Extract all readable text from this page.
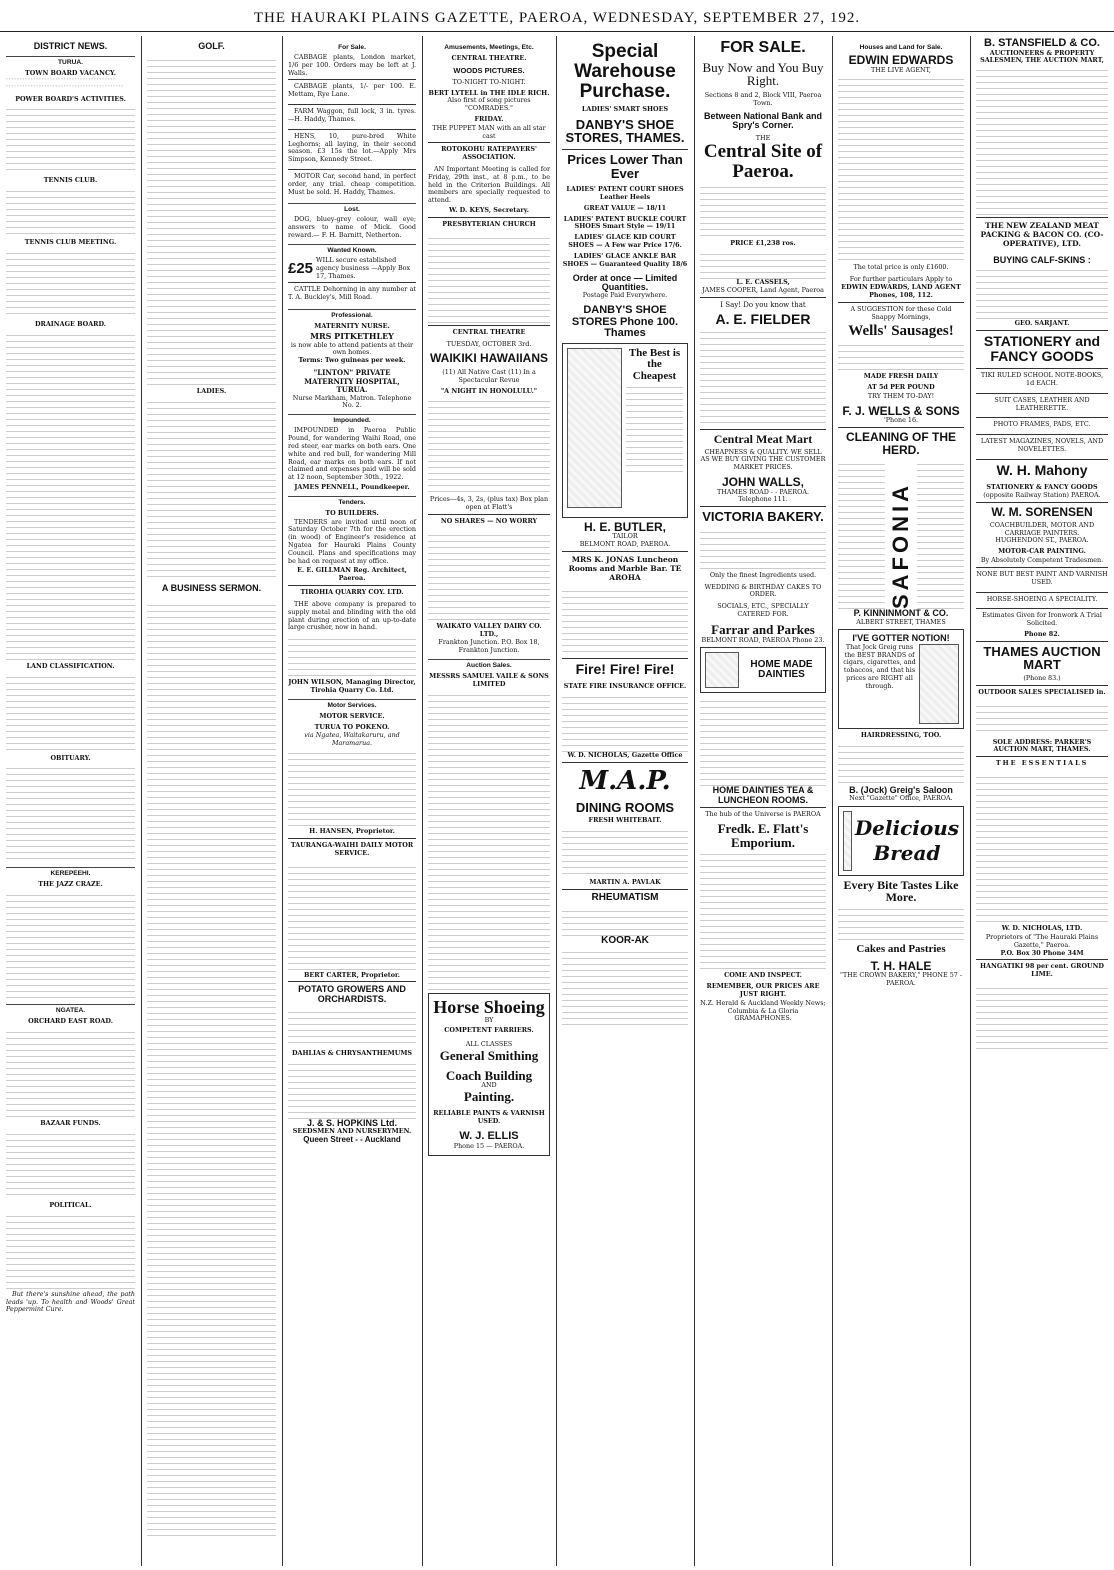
THE HAURAKI PLAINS GAZETTE, PAEROA, WEDNESDAY, SEPTEMBER 27, 192.
DISTRICT NEWS.
TURUA.
TOWN BOARD VACANCY.
ﾟﾟﾟﾟﾟﾟﾟﾟﾟﾟﾟﾟﾟﾟﾟﾟﾟﾟﾟﾟﾟﾟﾟﾟﾟﾟﾟﾟﾟﾟﾟﾟﾟﾟﾟﾟﾟﾟﾟﾟ ﾟﾟﾟﾟﾟﾟﾟﾟﾟﾟﾟﾟﾟﾟﾟﾟﾟﾟﾟﾟﾟﾟﾟﾟﾟﾟﾟﾟﾟﾟﾟﾟﾟﾟﾟﾟﾟﾟﾟﾟﾟﾟﾟ
POWER BOARD'S ACTIVITIES.
TENNIS CLUB.
TENNIS CLUB MEETING.
DRAINAGE BOARD.
LAND CLASSIFICATION.
OBITUARY.
KEREPEEHI.
THE JAZZ CRAZE.
NGATEA.
ORCHARD EAST ROAD.
BAZAAR FUNDS.
POLITICAL.

But there's sunshine ahead, the path leads 'up. To health and Woods' Great Peppermint Cure.

GOLF.
LADIES.
A BUSINESS SERMON.
For Sale.

CABBAGE plants, London market, 1/6 per 100. Orders may be left at J. Walls.

CABBAGE plants, 1/- per 100. E. Mettam, Rye Lane.

FARM Waggon, full lock, 3 in. tyres.—H. Haddy, Thames.

HENS, 10, pure-bred White Leghorns; all laying, in their second season. £3 15s the lot.—Apply Mrs Simpson, Kennedy Street.

MOTOR Car, second hand, in perfect order, any trial. cheap competition. Must be sold. H. Haddy, Thames.

Lost.

DOG, bluey-grey colour, wall eye; answers to name of Mick. Good reward.— F. H. Barnitt, Netherton.

Wanted Known.
£25 WILL secure established agency business —Apply Box 17, Thames.

CATTLE Dehorning in any number at T. A. Buckley's, Mill Road.

Professional.
MATERNITY NURSE.
MRS PITKETHLEY
is now able to attend patients at their own homes.
Terms: Two guineas per week.
"LINTON" PRIVATE MATERNITY HOSPITAL, TURUA.
Nurse Markham, Matron. Telephone No. 2.
Impounded.

IMPOUNDED in Paeroa Public Pound, for wandering Waihi Road, one red steer, ear marks on both ears. One white and red bull, for wandering Mill Road, ear marks on both ears. If not claimed and expenses paid will be sold at 12 noon, September 30th., 1922.

JAMES PENNELL, Poundkeeper.
Tenders.
TO BUILDERS.

TENDERS are invited until noon of Saturday October 7th for the erection (in wood) of Engineer's residence at Ngatea for Hauraki Plains County Council. Plans and specifications may be had on request at my office.

E. E. GILLMAN Reg. Architect, Paeroa.
TIROHIA QUARRY COY. LTD.

THE above company is prepared to supply metal and blinding with the old plant during erection of an up-to-date large crusher, now in hand.

JOHN WILSON, Managing Director, Tirohia Quarry Co. Ltd.
Motor Services.
MOTOR SERVICE.
TURUA TO POKENO.
via Ngatea, Waitakaruru, and Maramarua.
H. HANSEN, Proprietor.
TAURANGA-WAIHI DAILY MOTOR SERVICE.
BERT CARTER, Proprietor.
POTATO GROWERS AND ORCHARDISTS.
DAHLIAS & CHRYSANTHEMUMS
J. & S. HOPKINS Ltd.
SEEDSMEN AND NURSERYMEN.
Queen Street - - Auckland
Amusements, Meetings, Etc.
CENTRAL THEATRE.
WOODS PICTURES.
TO-NIGHT TO-NIGHT.
BERT LYTELL in THE IDLE RICH.
Also first of song pictures "COMRADES."
FRIDAY.
THE PUPPET MAN with an all star cast
ROTOKOHU RATEPAYERS' ASSOCIATION.

AN Important Meeting is called for Friday, 29th inst., at 8 p.m., to be held in the Criterion Buildings. All members are specially requested to attend.

W. D. KEYS, Secretary.
PRESBYTERIAN CHURCH
CENTRAL THEATRE
TUESDAY, OCTOBER 3rd.
WAIKIKI HAWAIIANS
(11) All Native Cast (11) In a Spectacular Revue
"A NIGHT IN HONOLULU."
Prices—4s, 3, 2s, (plus tax) Box plan open at Flatt's
NO SHARES — NO WORRY
WAIKATO VALLEY DAIRY CO. LTD.,
Frankton Junction. P.O. Box 18, Frankton Junction.
Auction Sales.
MESSRS SAMUEL VAILE & SONS LIMITED
Horse Shoeing
BY
COMPETENT FARRIERS.
ALL CLASSES
General Smithing
Coach Building
AND
Painting.
RELIABLE PAINTS & VARNISH USED.
W. J. ELLIS
Phone 15 — PAEROA.
Special Warehouse Purchase.
LADIES' SMART SHOES
DANBY'S SHOE STORES, THAMES.
Prices Lower Than Ever
LADIES' PATENT COURT SHOES Leather Heels
GREAT VALUE — 18/11
LADIES' PATENT BUCKLE COURT SHOES Smart Style — 19/11
LADIES' GLACE KID COURT SHOES — A Few war Price 17/6.
LADIES' GLACE ANKLE BAR SHOES — Guaranteed Quality 18/6
Order at once — Limited Quantities.
Postage Paid Everywhere.
DANBY'S SHOE STORES Phone 100. Thames
The Best is the Cheapest
H. E. BUTLER,
TAILOR
BELMONT ROAD, PAEROA.
MRS K. JONAS Luncheon Rooms and Marble Bar. TE AROHA
Fire! Fire! Fire!
STATE FIRE INSURANCE OFFICE.
W. D. NICHOLAS, Gazette Office
M.A.P.
DINING ROOMS
FRESH WHITEBAIT.
MARTIN A. PAVLAK
RHEUMATISM
KOOR-AK
FOR SALE.
Buy Now and You Buy Right.
Sections 8 and 2, Block VIII, Paeroa Town.
Between National Bank and Spry's Corner.
THE
Central Site of Paeroa.
PRICE £1,238 ros.
L. E. CASSELS,
JAMES COOPER, Land Agent, Paeroa
I Say! Do you know that
A. E. FIELDER
Central Meat Mart
CHEAPNESS & QUALITY. WE SELL AS WE BUY GIVING THE CUSTOMER MARKET PRICES.
JOHN WALLS,
THAMES ROAD - - PAEROA. Telephone 111.
VICTORIA BAKERY.
Only the finest Ingredients used.
WEDDING & BIRTHDAY CAKES TO ORDER.
SOCIALS, ETC., SPECIALLY CATERED FOR.
Farrar and Parkes
BELMONT ROAD, PAEROA Phone 23.
HOME MADE DAINTIES
HOME DAINTIES TEA & LUNCHEON ROOMS.
The hub of the Universe is PAEROA
Fredk. E. Flatt's Emporium.
COME AND INSPECT.
REMEMBER, OUR PRICES ARE JUST RIGHT.
N.Z. Herald & Auckland Weekly News; Columbia & La Gloria GRAMAPHONES.
Houses and Land for Sale.
EDWIN EDWARDS
THE LIVE AGENT,
The total price is only £1600.
For further particulars Apply to
EDWIN EDWARDS, LAND AGENT Phones, 108, 112.
A SUGGESTION for these Cold Snappy Mornings,
Wells' Sausages!
MADE FRESH DAILY
AT 5d PER POUND
TRY THEM TO-DAY!
F. J. WELLS & SONS
'Phone 16.
CLEANING OF THE HERD.
SAFONIA
P. KINNINMONT & CO.
ALBERT STREET, THAMES
I'VE GOTTER NOTION!
That Jock Greig runs the BEST BRANDS of cigars, cigarettes, and tobaccos, and that his prices are RIGHT all through.
HAIRDRESSING, TOO.
B. (Jock) Greig's Saloon
Next "Gazette" Office, PAEROA.
Delicious Bread
Every Bite Tastes Like More.
Cakes and Pastries
T. H. HALE
"THE CROWN BAKERY," PHONE 57 - PAEROA.
B. STANSFIELD & CO.
AUCTIONEERS & PROPERTY SALESMEN, THE AUCTION MART,
THE NEW ZEALAND MEAT PACKING & BACON CO. (CO-OPERATIVE), LTD.
BUYING CALF-SKINS :
GEO. SARJANT.
STATIONERY and FANCY GOODS
TIKI RULED SCHOOL NOTE-BOOKS, 1d EACH.
SUIT CASES, LEATHER AND LEATHERETTE.
PHOTO FRAMES, PADS, ETC.
LATEST MAGAZINES, NOVELS, AND NOVELETTES.
W. H. Mahony
STATIONERY & FANCY GOODS
(opposite Railway Station) PAEROA.
W. M. SORENSEN
COACHBUILDER, MOTOR AND CARRIAGE PAINTERS.
HUGHENDON ST., PAEROA.
MOTOR-CAR PAINTING.
By Absolutely Competent Tradesmen.
NONE BUT BEST PAINT AND VARNISH USED.
HORSE-SHOEING A SPECIALITY.
Estimates Given for Ironwork A Trial Solicited.
Phone 82.
THAMES AUCTION MART
(Phone 83.)
OUTDOOR SALES SPECIALISED in.
SOLE ADDRESS: PARKER'S AUCTION MART, THAMES.
THE ESSENTIALS
W. D. NICHOLAS, LTD.
Proprietors of "The Hauraki Plains Gazette," Paeroa.
P.O. Box 30 Phone 34M
HANGATIKI 98 per cent. GROUND LIME.
